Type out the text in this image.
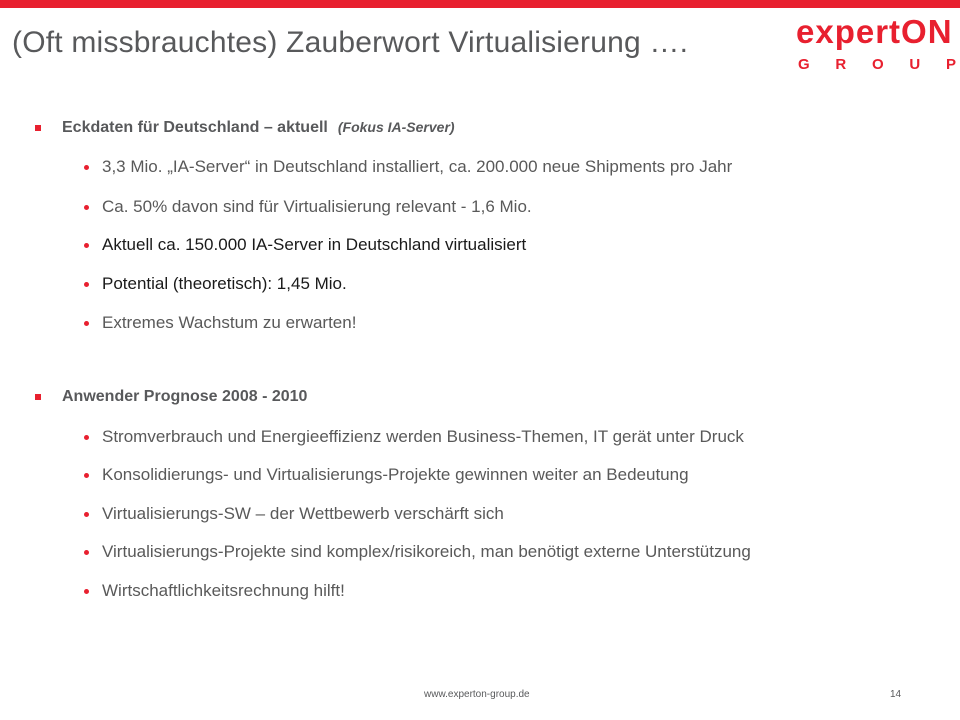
(Oft missbrauchtes) Zauberwort Virtualisierung ….	expertON
G R O U P
Eckdaten für Deutschland – aktuell (Fokus IA-Server)
3,3 Mio. „IA-Server“ in Deutschland installiert, ca. 200.000 neue Shipments pro Jahr
Ca. 50% davon sind für Virtualisierung relevant - 1,6 Mio.
Aktuell ca. 150.000 IA-Server in Deutschland virtualisiert
Potential (theoretisch): 1,45 Mio.
Extremes Wachstum zu erwarten!
Anwender Prognose 2008 - 2010
Stromverbrauch und Energieeffizienz werden Business-Themen, IT gerät unter Druck
Konsolidierungs- und Virtualisierungs-Projekte gewinnen weiter an Bedeutung
Virtualisierungs-SW – der Wettbewerb verschärft sich
Virtualisierungs-Projekte sind komplex/risikoreich, man benötigt externe Unterstützung
Wirtschaftlichkeitsrechnung hilft!
www.experton-group.de	14
